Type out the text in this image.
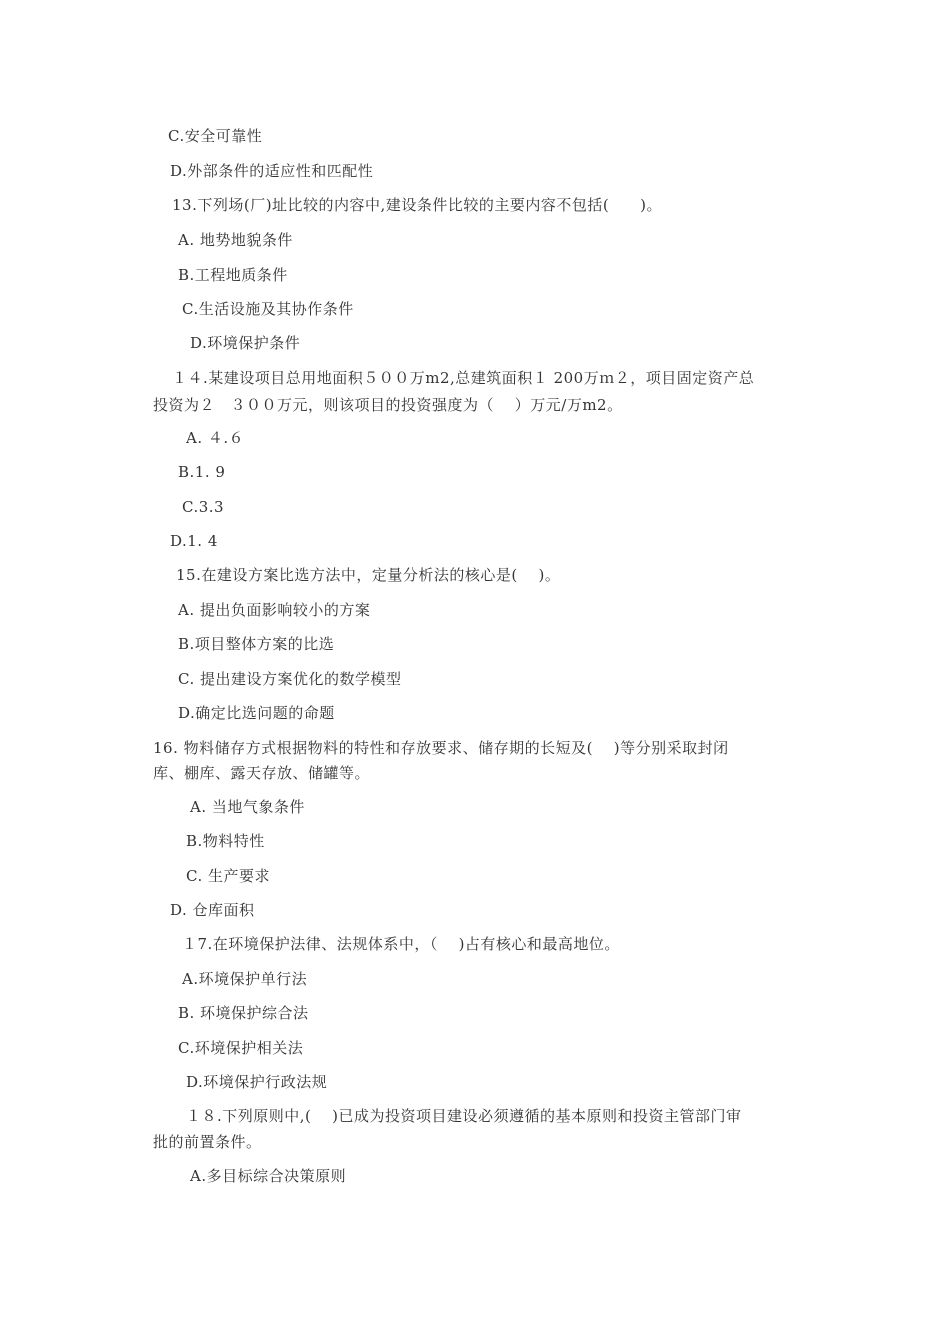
C.安全可靠性
D.外部条件的适应性和匹配性
13.下列场(厂)址比较的内容中,建设条件比较的主要内容不包括(　　)。
A. 地势地貌条件
B.工程地质条件
C.生活设施及其协作条件
D.环境保护条件
１４.某建设项目总用地面积５００万m2,总建筑面积１ 200万ｍ２，项目固定资产总
投资为２　３００万元，则该项目的投资强度为（　 ）万元/万m2。
A. ４.６
B.1. 9
C.3.3
D.1. 4
15.在建设方案比选方法中，定量分析法的核心是(　 )。
A. 提出负面影响较小的方案
B.项目整体方案的比选
C. 提出建设方案优化的数学模型
D.确定比选问题的命题
16. 物料储存方式根据物料的特性和存放要求、储存期的长短及(　 )等分别采取封闭
库、棚库、露天存放、储罐等。
A. 当地气象条件
B.物料特性
C. 生产要求
D. 仓库面积
１7.在环境保护法律、法规体系中，（　 )占有核心和最高地位。
A.环境保护单行法
B. 环境保护综合法
C.环境保护相关法
D.环境保护行政法规
１８.下列原则中,(　 )已成为投资项目建设必须遵循的基本原则和投资主管部门审
批的前置条件。
A.多目标综合决策原则
